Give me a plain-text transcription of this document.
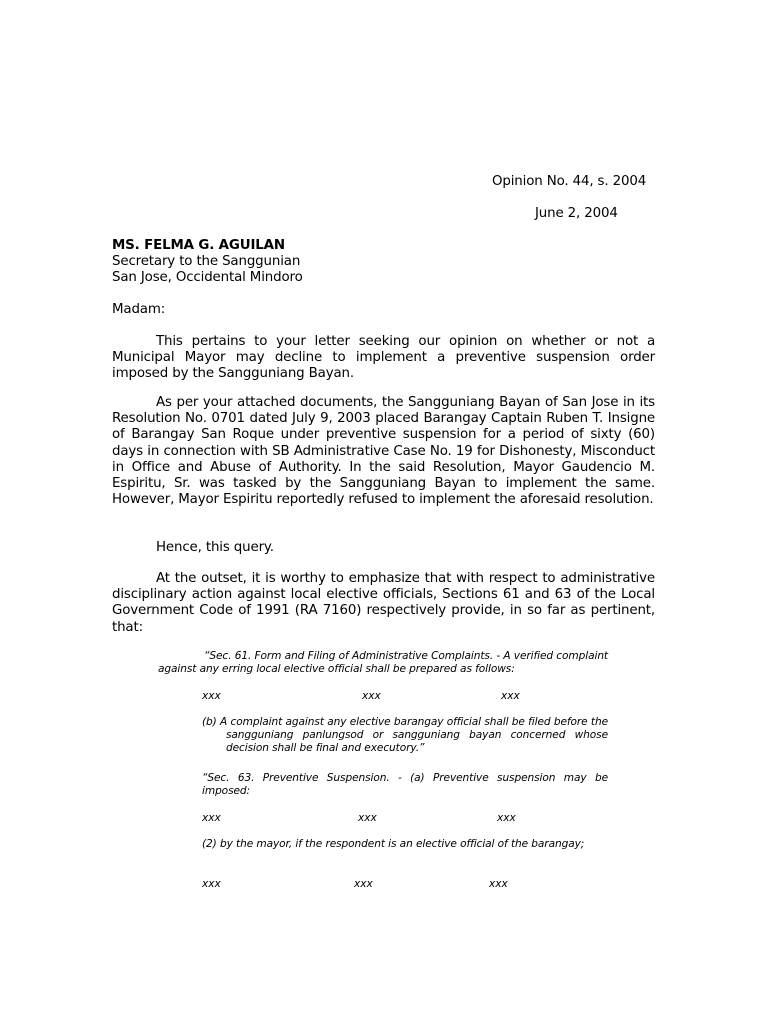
Opinion No. 44, s. 2004
June 2, 2004
MS. FELMA G. AGUILAN
Secretary to the Sanggunian
San Jose, Occidental Mindoro
Madam:
This pertains to your letter seeking our opinion on whether or not a Municipal Mayor may decline to implement a preventive suspension order imposed by the Sangguniang Bayan.
As per your attached documents, the Sangguniang Bayan of San Jose in its Resolution No. 0701 dated July 9, 2003 placed Barangay Captain Ruben T. Insigne of Barangay San Roque under preventive suspension for a period of sixty (60) days in connection with SB Administrative Case No. 19 for Dishonesty, Misconduct in Office and Abuse of Authority. In the said Resolution, Mayor Gaudencio M. Espiritu, Sr. was tasked by the Sangguniang Bayan to implement the same. However, Mayor Espiritu reportedly refused to implement the aforesaid resolution.
Hence, this query.
At the outset, it is worthy to emphasize that with respect to administrative disciplinary action against local elective officials, Sections 61 and 63 of the Local Government Code of 1991 (RA 7160) respectively provide, in so far as pertinent, that:
“Sec. 61. Form and Filing of Administrative Complaints. - A verified complaint against any erring local elective official shall be prepared as follows:
xxx	xxx	xxx
(b) A complaint against any elective barangay official shall be filed before the sangguniang panlungsod or sangguniang bayan concerned whose decision shall be final and executory.”
“Sec. 63. Preventive Suspension. - (a) Preventive suspension may be imposed:
xxx	xxx	xxx
(2) by the mayor, if the respondent is an elective official of the barangay;
xxx	xxx	xxx
